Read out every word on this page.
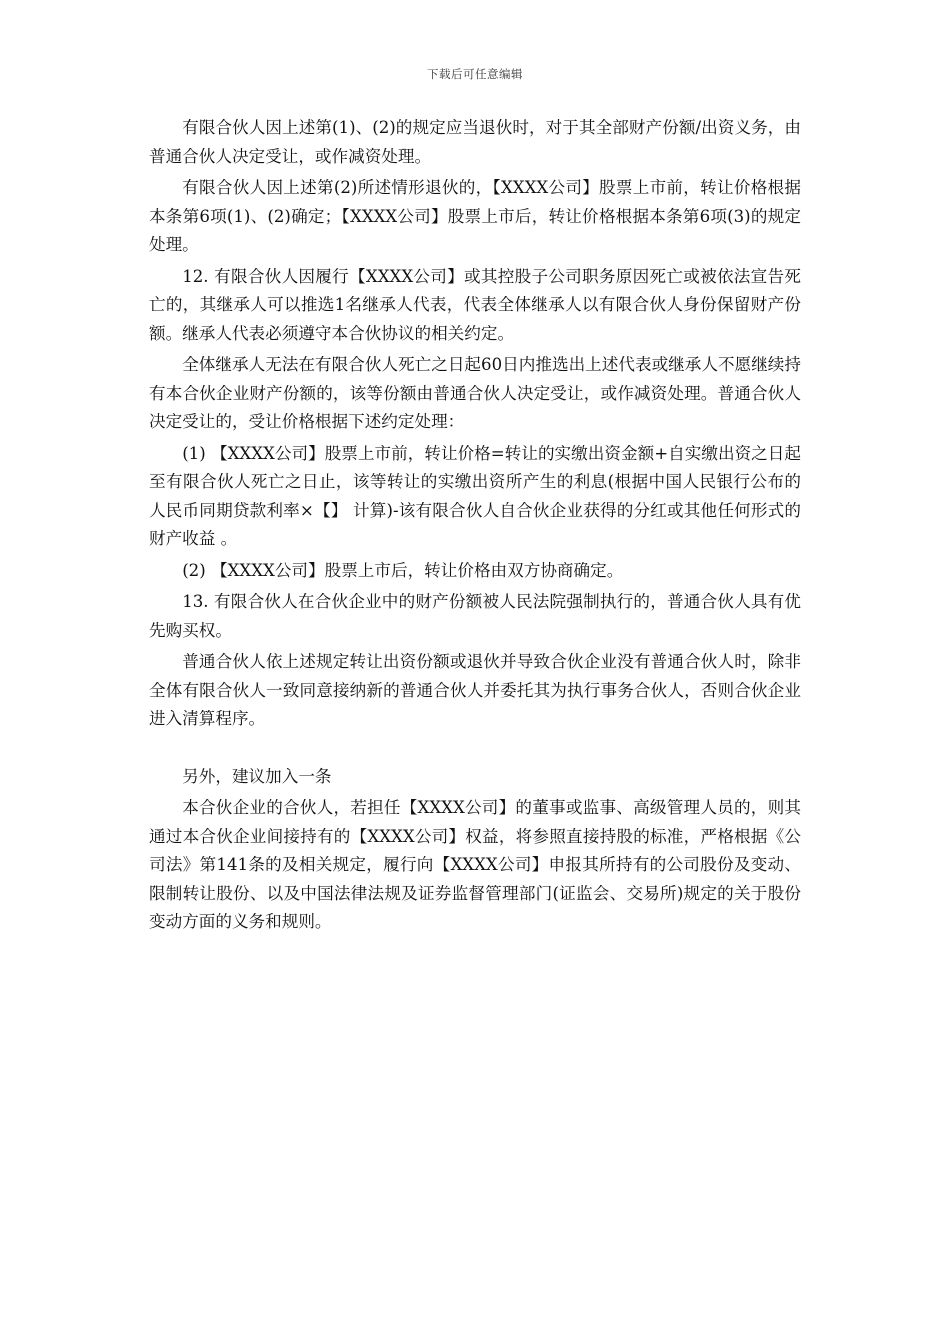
下载后可任意编辑

有限合伙人因上述第(1)、(2)的规定应当退伙时，对于其全部财产份额/出资义务，由普通合伙人决定受让，或作减资处理。

有限合伙人因上述第(2)所述情形退伙的，【XXXX公司】股票上市前，转让价格根据本条第6项(1)、(2)确定；【XXXX公司】股票上市后，转让价格根据本条第6项(3)的规定处理。

12. 有限合伙人因履行【XXXX公司】或其控股子公司职务原因死亡或被依法宣告死亡的，其继承人可以推选1名继承人代表，代表全体继承人以有限合伙人身份保留财产份额。继承人代表必须遵守本合伙协议的相关约定。

全体继承人无法在有限合伙人死亡之日起60日内推选出上述代表或继承人不愿继续持有本合伙企业财产份额的，该等份额由普通合伙人决定受让，或作减资处理。普通合伙人决定受让的，受让价格根据下述约定处理：

(1) 【XXXX公司】股票上市前，转让价格=转让的实缴出资金额+自实缴出资之日起至有限合伙人死亡之日止，该等转让的实缴出资所产生的利息(根据中国人民银行公布的人民币同期贷款利率×【】 计算)-该有限合伙人自合伙企业获得的分红或其他任何形式的财产收益 。

(2) 【XXXX公司】股票上市后，转让价格由双方协商确定。

13. 有限合伙人在合伙企业中的财产份额被人民法院强制执行的，普通合伙人具有优先购买权。

普通合伙人依上述规定转让出资份额或退伙并导致合伙企业没有普通合伙人时，除非全体有限合伙人一致同意接纳新的普通合伙人并委托其为执行事务合伙人，否则合伙企业进入清算程序。

另外，建议加入一条

本合伙企业的合伙人，若担任【XXXX公司】的董事或监事、高级管理人员的，则其通过本合伙企业间接持有的【XXXX公司】权益，将参照直接持股的标准，严格根据《公司法》第141条的及相关规定，履行向【XXXX公司】申报其所持有的公司股份及变动、限制转让股份、以及中国法律法规及证券监督管理部门(证监会、交易所)规定的关于股份变动方面的义务和规则。
